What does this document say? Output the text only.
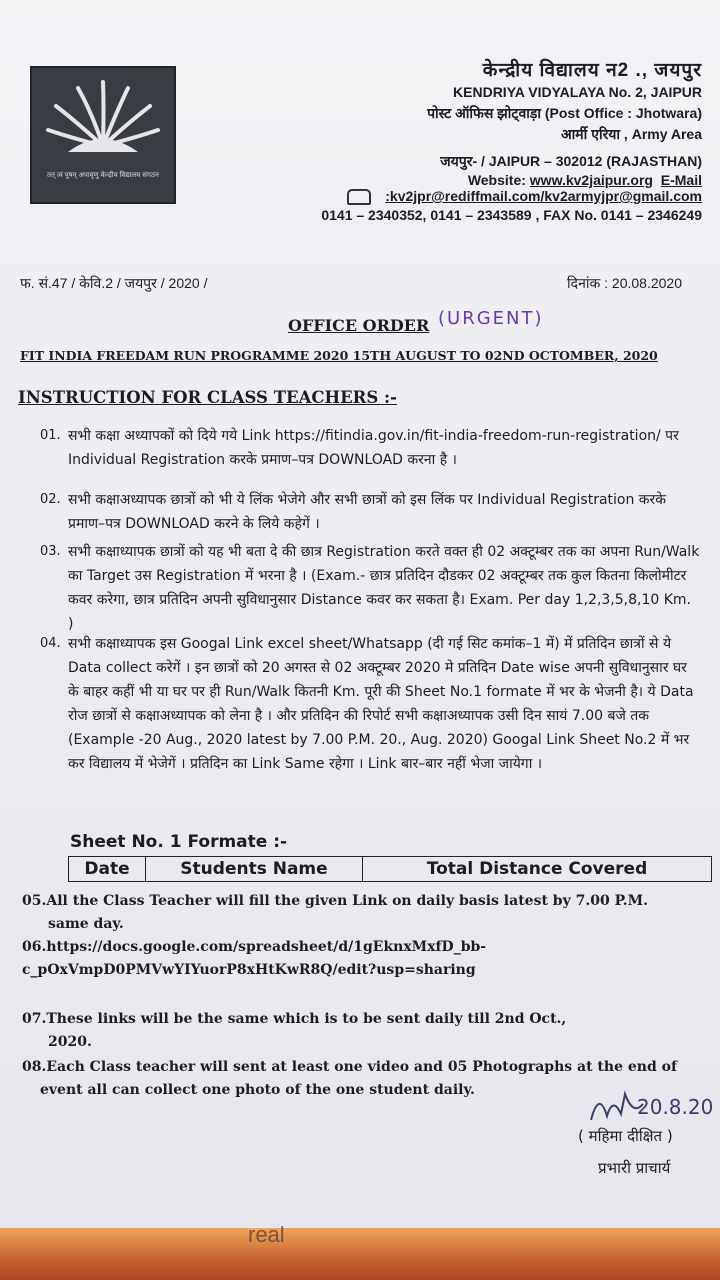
तत् त्वं पूषन् अपावृणु केन्द्रीय विद्यालय संगठन
केन्द्रीय विद्यालय न2 ., जयपुर
KENDRIYA VIDYALAYA No. 2, JAIPUR
पोस्ट ऑफिस झोट्वाड़ा (Post Office : Jhotwara)
आर्मी एरिया , Army Area
जयपुर- / JAIPUR – 302012 (RAJASTHAN)
Website: www.kv2jaipur.org E-Mail
:kv2jpr@rediffmail.com/kv2armyjpr@gmail.com
0141 – 2340352, 0141 – 2343589 , FAX No. 0141 – 2346249
फ. सं.47 / केवि.2 / जयपुर / 2020 /	दिनांक : 20.08.2020
OFFICE ORDER (URGENT)
FIT INDIA FREEDAM RUN PROGRAMME 2020 15TH AUGUST TO 02ND OCTOMBER, 2020
INSTRUCTION FOR CLASS TEACHERS :-
01. सभी कक्षा अध्यापकों को दिये गये Link https://fitindia.gov.in/fit-india-freedom-run-registration/ पर Individual Registration करके प्रमाण–पत्र DOWNLOAD करना है ।
02. सभी कक्षाअध्यापक छात्रों को भी ये लिंक भेजेगे और सभी छात्रों को इस लिंक पर Individual Registration करके प्रमाण–पत्र DOWNLOAD करने के लिये कहेगें ।
03. सभी कक्षाध्यापक छात्रों को यह भी बता दे की छात्र Registration करते वक्त ही 02 अक्टूम्बर तक का अपना Run/Walk का Target उस Registration में भरना है । (Exam.- छात्र प्रतिदिन दौडकर 02 अक्टूम्बर तक कुल कितना किलोमीटर कवर करेगा, छात्र प्रतिदिन अपनी सुविधानुसार Distance कवर कर सकता है। Exam. Per day 1,2,3,5,8,10 Km. )
04. सभी कक्षाध्यापक इस Googal Link excel sheet/Whatsapp (दी गई सिट कमांक–1 में) में प्रतिदिन छात्रों से ये Data collect करेगें । इन छात्रों को 20 अगस्त से 02 अक्टूम्बर 2020 मे प्रतिदिन Date wise अपनी सुविधानुसार घर के बाहर कहीं भी या घर पर ही Run/Walk कितनी Km. पूरी की Sheet No.1 formate में भर के भेजनी है। ये Data रोज छात्रों से कक्षाअध्यापक को लेना है । और प्रतिदिन की रिपोर्ट सभी कक्षाअध्यापक उसी दिन सायं 7.00 बजे तक (Example -20 Aug., 2020 latest by 7.00 P.M. 20., Aug. 2020) Googal Link Sheet No.2 में भर कर विद्यालय में भेजेगें । प्रतिदिन का Link Same रहेगा । Link बार–बार नहीं भेजा जायेगा ।
Sheet No. 1 Formate :-
Date	Students Name	Total Distance Covered
05.All the Class Teacher will fill the given Link on daily basis latest by 7.00 P.M.
same day.
06.https://docs.google.com/spreadsheet/d/1gEknxMxfD_bb-
c_pOxVmpD0PMVwYIYuorP8xHtKwR8Q/edit?usp=sharing
07.These links will be the same which is to be sent daily till 2nd Oct.,
2020.
08.Each Class teacher will sent at least one video and 05 Photographs at the end of
event all can collect one photo of the one student daily.
20.8.20
( महिमा दीक्षित )
प्रभारी प्राचार्य
real
